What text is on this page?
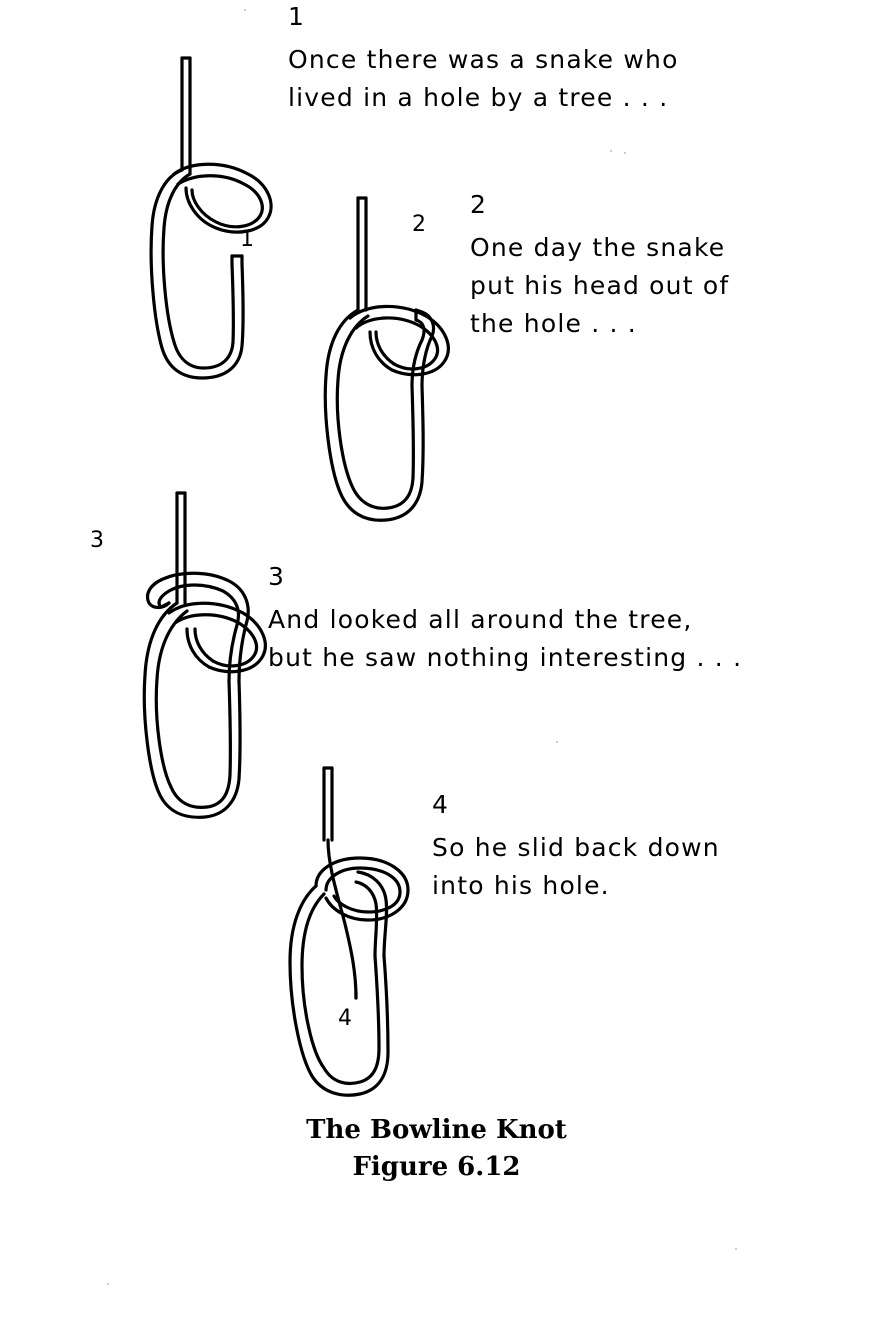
1
Once there was a snake who
lived in a hole by a tree . . .
1
2
One day the snake
put his head out of
the hole . . .
2
3
And looked all around the tree,
but he saw nothing interesting . . .
3
4
So he slid back down
into his hole.
4
The Bowline Knot
Figure 6.12
